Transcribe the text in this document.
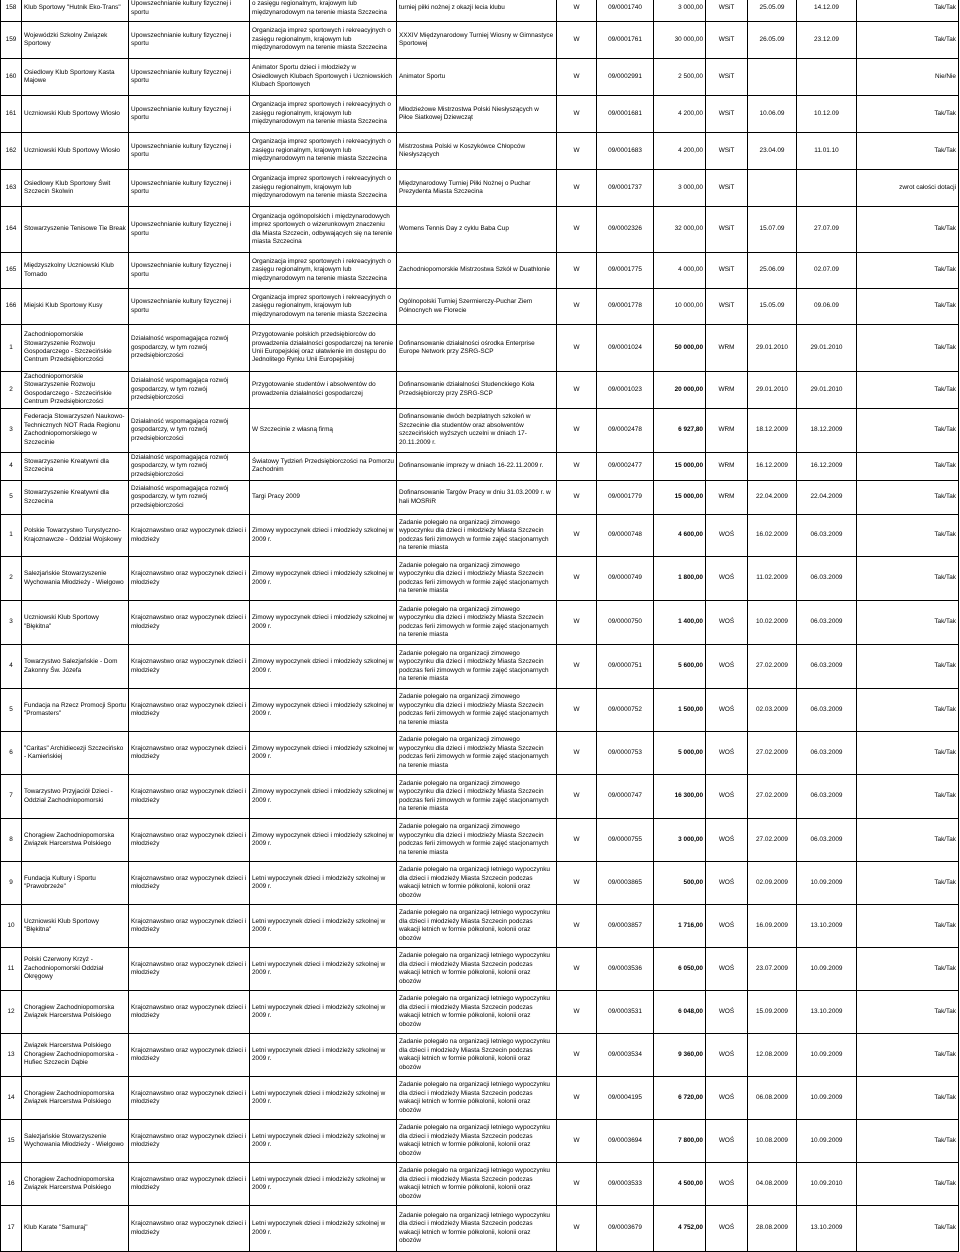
158	Klub Sportowy "Hutnik Eko-Trans"	Upowszechnianie kultury fizycznej i sportu	o zasięgu regionalnym, krajowym lub międzynarodowym na terenie miasta Szczecina	turniej piłki nożnej z okazji lecia klubu	W	09/0001740	3 000,00	WSiT	25.05.09	14.12.09	Tak/Tak
159	Wojewódzki Szkolny Związek Sportowy	Upowszechnianie kultury fizycznej i sportu	Organizacja imprez sportowych i rekreacyjnych o zasięgu regionalnym, krajowym lub międzynarodowym na terenie miasta Szczecina	XXXIV Międzynarodowy Turniej Wiosny w Gimnastyce Sportowej	W	09/0001761	30 000,00	WSiT	26.05.09	23.12.09	Tak/Tak
160	Osiedlowy Klub Sportowy Kasta Majowe	Upowszechnianie kultury fizycznej i sportu	Animator Sportu dzieci i młodzieży w Osiedlowych Klubach Sportowych i Uczniowskich Klubach Sportowych	Animator Sportu	W	09/0002991	2 500,00	WSiT			Nie/Nie
161	Uczniowski Klub Sportowy Wiosło	Upowszechnianie kultury fizycznej i sportu	Organizacja imprez sportowych i rekreacyjnych o zasięgu regionalnym, krajowym lub międzynarodowym na terenie miasta Szczecina	Młodzieżowe Mistrzostwa Polski Niesłyszących w Piłce Siatkowej Dziewcząt	W	09/0001681	4 200,00	WSiT	10.06.09	10.12.09	Tak/Tak
162	Uczniowski Klub Sportowy Wiosło	Upowszechnianie kultury fizycznej i sportu	Organizacja imprez sportowych i rekreacyjnych o zasięgu regionalnym, krajowym lub międzynarodowym na terenie miasta Szczecina	Mistrzostwa Polski w Koszykówce Chłopców Niesłyszących	W	09/0001683	4 200,00	WSiT	23.04.09	11.01.10	Tak/Tak
163	Osiedlowy Klub Sportowy Świt Szczecin Skolwin	Upowszechnianie kultury fizycznej i sportu	Organizacja imprez sportowych i rekreacyjnych o zasięgu regionalnym, krajowym lub międzynarodowym na terenie miasta Szczecina	Międzynarodowy Turniej Piłki Nożnej o Puchar Prezydenta Miasta Szczecina	W	09/0001737	3 000,00	WSiT			zwrot całości dotacji
164	Stowarzyszenie Tenisowe Tie Break	Upowszechnianie kultury fizycznej i sportu	Organizacja ogólnopolskich i międzynarodowych imprez sportowych o wizerunkowym znaczeniu dla Miasta Szczecin, odbywających się na terenie miasta Szczecina	Womens Tennis Day z cyklu Baba Cup	W	09/0002326	32 000,00	WSiT	15.07.09	27.07.09	Tak/Tak
165	Międzyszkolny Uczniowski Klub Tornado	Upowszechnianie kultury fizycznej i sportu	Organizacja imprez sportowych i rekreacyjnych o zasięgu regionalnym, krajowym lub międzynarodowym na terenie miasta Szczecina	Zachodniopomorskie Mistrzostwa Szkół w Duathlonie	W	09/0001775	4 000,00	WSiT	25.06.09	02.07.09	Tak/Tak
166	Miejski Klub Sportowy Kusy	Upowszechnianie kultury fizycznej i sportu	Organizacja imprez sportowych i rekreacyjnych o zasięgu regionalnym, krajowym lub międzynarodowym na terenie miasta Szczecina	Ogólnopolski Turniej Szermierczy-Puchar Ziem Północnych we Florecie	W	09/0001778	10 000,00	WSiT	15.05.09	09.06.09	Tak/Tak
1	Zachodniopomorskie Stowarzyszenie Rozwoju Gospodarczego - Szczecińskie Centrum Przedsiębiorczości	Działalność wspomagająca rozwój gospodarczy, w tym rozwój przedsiębiorczości	Przygotowanie polskich przedsiębiorców do prowadzenia działalności gospodarczej na terenie Unii Europejskiej oraz ułatwienie im dostępu do Jednolitego Rynku Unii Europejskiej	Dofinansowanie działalności ośrodka Enterprise Europe Network przy ZSRG-SCP	W	09/0001024	50 000,00	WRM	29.01.2010	29.01.2010	Tak/Tak
2	Zachodniopomorskie Stowarzyszenie Rozwoju Gospodarczego - Szczecińskie Centrum Przedsiębiorczości	Działalność wspomagająca rozwój gospodarczy, w tym rozwój przedsiębiorczości	Przygotowanie studentów i absolwentów do prowadzenia działalności gospodarczej	Dofinansowanie działalności Studenckiego Koła Przedsiębiorczy przy ZSRG-SCP	W	09/0001023	20 000,00	WRM	29.01.2010	29.01.2010	Tak/Tak
3	Federacja Stowarzyszeń Naukowo-Technicznych NOT Rada Regionu Zachodniopomorskiego w Szczecinie	Działalność wspomagająca rozwój gospodarczy, w tym rozwój przedsiębiorczości	W Szczecinie z własną firmą	Dofinansowanie dwóch bezpłatnych szkoleń w Szczecinie dla studentów oraz absolwentów szczecińskich wyższych uczelni w dniach 17-20.11.2009 r.	W	09/0002478	6 927,80	WRM	18.12.2009	18.12.2009	Tak/Tak
4	Stowarzyszenie Kreatywni dla Szczecina	Działalność wspomagająca rozwój gospodarczy, w tym rozwój przedsiębiorczości	Światowy Tydzień Przedsiębiorczości na Pomorzu Zachodnim	Dofinansowanie imprezy w dniach 16-22.11.2009 r.	W	09/0002477	15 000,00	WRM	16.12.2009	16.12.2009	Tak/Tak
5	Stowarzyszenie Kreatywni dla Szczecina	Działalność wspomagająca rozwój gospodarczy, w tym rozwój przedsiębiorczości	Targi Pracy 2009	Dofinansowanie Targów Pracy w dniu 31.03.2009 r. w hali MOSRiR	W	09/0001779	15 000,00	WRM	22.04.2009	22.04.2009	Tak/Tak
1	Polskie Towarzystwo Turystyczno-Krajoznawcze - Oddział Wojskowy	Krajoznawstwo oraz wypoczynek dzieci i młodzieży	Zimowy wypoczynek dzieci i młodzieży szkolnej w 2009 r.	Zadanie polegało na organizacji zimowego wypoczynku dla dzieci i młodzieży Miasta Szczecin podczas ferii zimowych w formie zajęć stacjonarnych na terenie miasta	W	09/0000748	4 600,00	WOŚ	16.02.2009	06.03.2009	Tak/Tak
2	Salezjańskie Stowarzyszenie Wychowania Młodzieży - Wielgowo	Krajoznawstwo oraz wypoczynek dzieci i młodzieży	Zimowy wypoczynek dzieci i młodzieży szkolnej w 2009 r.	Zadanie polegało na organizacji zimowego wypoczynku dla dzieci i młodzieży Miasta Szczecin podczas ferii zimowych w formie zajęć stacjonarnych na terenie miasta	W	09/0000749	1 800,00	WOŚ	11.02.2009	06.03.2009	Tak/Tak
3	Uczniowski Klub Sportowy "Błękitna"	Krajoznawstwo oraz wypoczynek dzieci i młodzieży	Zimowy wypoczynek dzieci i młodzieży szkolnej w 2009 r.	Zadanie polegało na organizacji zimowego wypoczynku dla dzieci i młodzieży Miasta Szczecin podczas ferii zimowych w formie zajęć stacjonarnych na terenie miasta	W	09/0000750	1 400,00	WOŚ	10.02.2009	06.03.2009	Tak/Tak
4	Towarzystwo Salezjańskie - Dom Zakonny Św. Józefa	Krajoznawstwo oraz wypoczynek dzieci i młodzieży	Zimowy wypoczynek dzieci i młodzieży szkolnej w 2009 r.	Zadanie polegało na organizacji zimowego wypoczynku dla dzieci i młodzieży Miasta Szczecin podczas ferii zimowych w formie zajęć stacjonarnych na terenie miasta	W	09/0000751	5 600,00	WOŚ	27.02.2009	06.03.2009	Tak/Tak
5	Fundacja na Rzecz Promocji Sportu "Promasters"	Krajoznawstwo oraz wypoczynek dzieci i młodzieży	Zimowy wypoczynek dzieci i młodzieży szkolnej w 2009 r.	Zadanie polegało na organizacji zimowego wypoczynku dla dzieci i młodzieży Miasta Szczecin podczas ferii zimowych w formie zajęć stacjonarnych na terenie miasta	W	09/0000752	1 500,00	WOŚ	02.03.2009	06.03.2009	Tak/Tak
6	"Caritas" Archidiecezji Szczecińsko - Kamieńskiej	Krajoznawstwo oraz wypoczynek dzieci i młodzieży	Zimowy wypoczynek dzieci i młodzieży szkolnej w 2009 r.	Zadanie polegało na organizacji zimowego wypoczynku dla dzieci i młodzieży Miasta Szczecin podczas ferii zimowych w formie zajęć stacjonarnych na terenie miasta	W	09/0000753	5 000,00	WOŚ	27.02.2009	06.03.2009	Tak/Tak
7	Towarzystwo Przyjaciół Dzieci - Oddział Zachodniopomorski	Krajoznawstwo oraz wypoczynek dzieci i młodzieży	Zimowy wypoczynek dzieci i młodzieży szkolnej w 2009 r.	Zadanie polegało na organizacji zimowego wypoczynku dla dzieci i młodzieży Miasta Szczecin podczas ferii zimowych w formie zajęć stacjonarnych na terenie miasta	W	09/0000747	16 300,00	WOŚ	27.02.2009	06.03.2009	Tak/Tak
8	Chorągiew Zachodniopomorska Związek Harcerstwa Polskiego	Krajoznawstwo oraz wypoczynek dzieci i młodzieży	Zimowy wypoczynek dzieci i młodzieży szkolnej w 2009 r.	Zadanie polegało na organizacji zimowego wypoczynku dla dzieci i młodzieży Miasta Szczecin podczas ferii zimowych w formie zajęć stacjonarnych na terenie miasta	W	09/0000755	3 000,00	WOŚ	27.02.2009	06.03.2009	Tak/Tak
9	Fundacja Kultury i Sportu "Prawobrzeże"	Krajoznawstwo oraz wypoczynek dzieci i młodzieży	Letni wypoczynek dzieci i młodzieży szkolnej w 2009 r.	Zadanie polegało na organizacji letniego wypoczynku dla dzieci i młodzieży Miasta Szczecin podczas wakacji letnich w formie półkolonii, kolonii oraz obozów	W	09/0003865	500,00	WOŚ	02.09.2009	10.09.2009	Tak/Tak
10	Uczniowski Klub Sportowy "Błękitna"	Krajoznawstwo oraz wypoczynek dzieci i młodzieży	Letni wypoczynek dzieci i młodzieży szkolnej w 2009 r.	Zadanie polegało na organizacji letniego wypoczynku dla dzieci i młodzieży Miasta Szczecin podczas wakacji letnich w formie półkolonii, kolonii oraz obozów	W	09/0003857	1 716,00	WOŚ	16.09.2009	13.10.2009	Tak/Tak
11	Polski Czerwony Krzyż - Zachodniopomorski Oddział Okręgowy	Krajoznawstwo oraz wypoczynek dzieci i młodzieży	Letni wypoczynek dzieci i młodzieży szkolnej w 2009 r.	Zadanie polegało na organizacji letniego wypoczynku dla dzieci i młodzieży Miasta Szczecin podczas wakacji letnich w formie półkolonii, kolonii oraz obozów	W	09/0003536	6 050,00	WOŚ	23.07.2009	10.09.2009	Tak/Tak
12	Chorągiew Zachodniopomorska Związek Harcerstwa Polskiego	Krajoznawstwo oraz wypoczynek dzieci i młodzieży	Letni wypoczynek dzieci i młodzieży szkolnej w 2009 r.	Zadanie polegało na organizacji letniego wypoczynku dla dzieci i młodzieży Miasta Szczecin podczas wakacji letnich w formie półkolonii, kolonii oraz obozów	W	09/0003531	6 048,00	WOŚ	15.09.2009	13.10.2009	Tak/Tak
13	Związek Harcerstwa Polskiego Chorągiew Zachodniopomorska - Hufiec Szczecin Dąbie	Krajoznawstwo oraz wypoczynek dzieci i młodzieży	Letni wypoczynek dzieci i młodzieży szkolnej w 2009 r.	Zadanie polegało na organizacji letniego wypoczynku dla dzieci i młodzieży Miasta Szczecin podczas wakacji letnich w formie półkolonii, kolonii oraz obozów	W	09/0003534	9 360,00	WOŚ	12.08.2009	10.09.2009	Tak/Tak
14	Chorągiew Zachodniopomorska Związek Harcerstwa Polskiego	Krajoznawstwo oraz wypoczynek dzieci i młodzieży	Letni wypoczynek dzieci i młodzieży szkolnej w 2009 r.	Zadanie polegało na organizacji letniego wypoczynku dla dzieci i młodzieży Miasta Szczecin podczas wakacji letnich w formie półkolonii, kolonii oraz obozów	W	09/0004195	6 720,00	WOŚ	06.08.2009	10.09.2009	Tak/Tak
15	Salezjańskie Stowarzyszenie Wychowania Młodzieży - Wielgowo	Krajoznawstwo oraz wypoczynek dzieci i młodzieży	Letni wypoczynek dzieci i młodzieży szkolnej w 2009 r.	Zadanie polegało na organizacji letniego wypoczynku dla dzieci i młodzieży Miasta Szczecin podczas wakacji letnich w formie półkolonii, kolonii oraz obozów	W	09/0003694	7 800,00	WOŚ	10.08.2009	10.09.2009	Tak/Tak
16	Chorągiew Zachodniopomorska Związek Harcerstwa Polskiego	Krajoznawstwo oraz wypoczynek dzieci i młodzieży	Letni wypoczynek dzieci i młodzieży szkolnej w 2009 r.	Zadanie polegało na organizacji letniego wypoczynku dla dzieci i młodzieży Miasta Szczecin podczas wakacji letnich w formie półkolonii, kolonii oraz obozów	W	09/0003533	4 500,00	WOŚ	04.08.2009	10.09.2010	Tak/Tak
17	Klub Karate "Samuraj"	Krajoznawstwo oraz wypoczynek dzieci i młodzieży	Letni wypoczynek dzieci i młodzieży szkolnej w 2009 r.	Zadanie polegało na organizacji letniego wypoczynku dla dzieci i młodzieży Miasta Szczecin podczas wakacji letnich w formie półkolonii, kolonii oraz obozów	W	09/0003679	4 752,00	WOŚ	28.08.2009	13.10.2009	Tak/Tak
